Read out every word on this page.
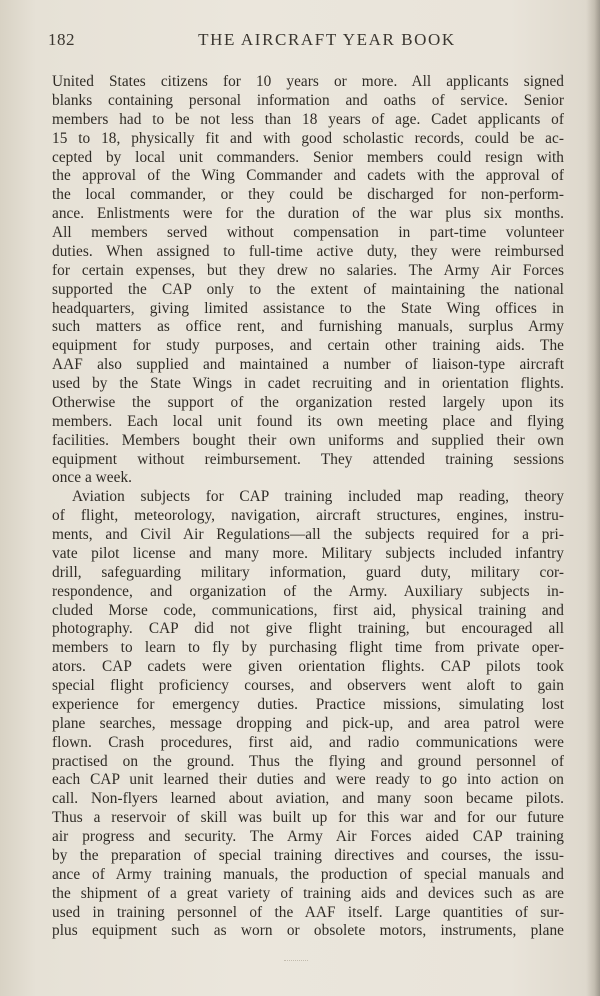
182	THE AIRCRAFT YEAR BOOK

United States citizens for 10 years or more. All applicants signed
blanks containing personal information and oaths of service. Senior
members had to be not less than 18 years of age. Cadet applicants of
15 to 18, physically fit and with good scholastic records, could be ac-
cepted by local unit commanders. Senior members could resign with
the approval of the Wing Commander and cadets with the approval of
the local commander, or they could be discharged for non-perform-
ance. Enlistments were for the duration of the war plus six months.
All members served without compensation in part-time volunteer
duties. When assigned to full-time active duty, they were reimbursed
for certain expenses, but they drew no salaries. The Army Air Forces
supported the CAP only to the extent of maintaining the national
headquarters, giving limited assistance to the State Wing offices in
such matters as office rent, and furnishing manuals, surplus Army
equipment for study purposes, and certain other training aids. The
AAF also supplied and maintained a number of liaison-type aircraft
used by the State Wings in cadet recruiting and in orientation flights.
Otherwise the support of the organization rested largely upon its
members. Each local unit found its own meeting place and flying
facilities. Members bought their own uniforms and supplied their own
equipment without reimbursement. They attended training sessions
once a week.

Aviation subjects for CAP training included map reading, theory
of flight, meteorology, navigation, aircraft structures, engines, instru-
ments, and Civil Air Regulations—all the subjects required for a pri-
vate pilot license and many more. Military subjects included infantry
drill, safeguarding military information, guard duty, military cor-
respondence, and organization of the Army. Auxiliary subjects in-
cluded Morse code, communications, first aid, physical training and
photography. CAP did not give flight training, but encouraged all
members to learn to fly by purchasing flight time from private oper-
ators. CAP cadets were given orientation flights. CAP pilots took
special flight proficiency courses, and observers went aloft to gain
experience for emergency duties. Practice missions, simulating lost
plane searches, message dropping and pick-up, and area patrol were
flown. Crash procedures, first aid, and radio communications were
practised on the ground. Thus the flying and ground personnel of
each CAP unit learned their duties and were ready to go into action on
call. Non-flyers learned about aviation, and many soon became pilots.
Thus a reservoir of skill was built up for this war and for our future
air progress and security. The Army Air Forces aided CAP training
by the preparation of special training directives and courses, the issu-
ance of Army training manuals, the production of special manuals and
the shipment of a great variety of training aids and devices such as are
used in training personnel of the AAF itself. Large quantities of sur-
plus equipment such as worn or obsolete motors, instruments, plane
